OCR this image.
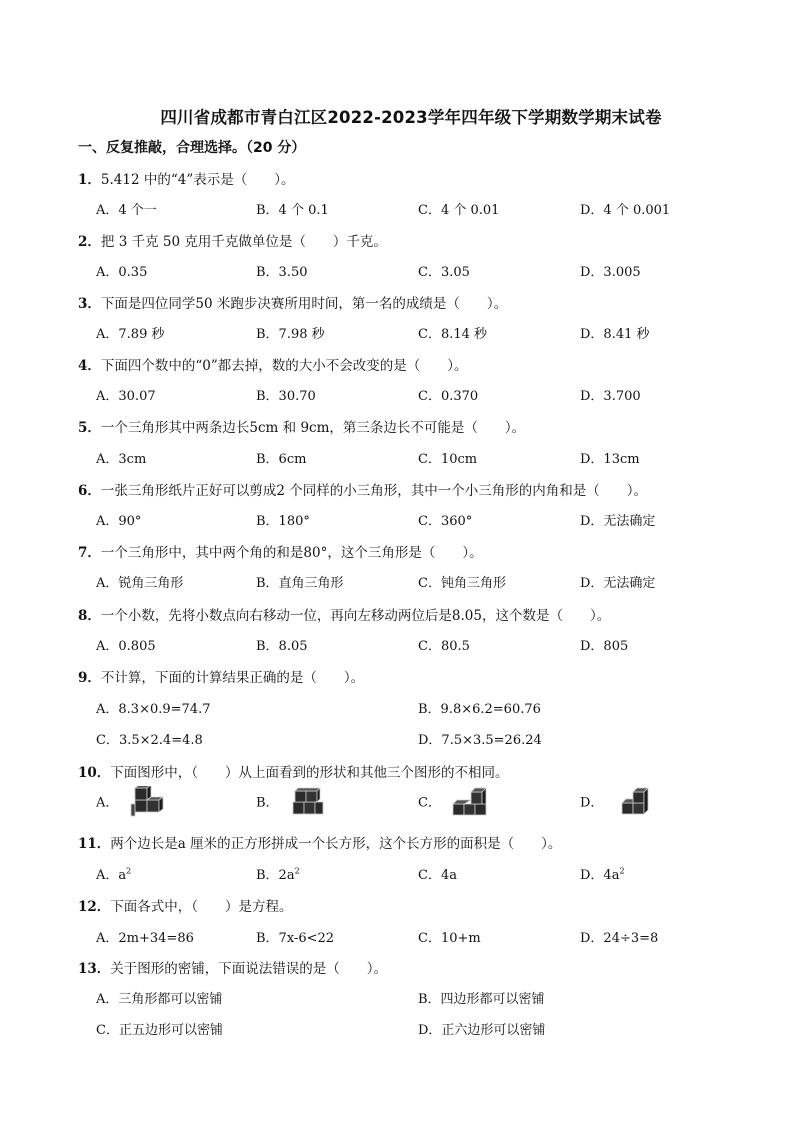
四川省成都市青白江区2022-2023学年四年级下学期数学期末试卷
一、反复推敲，合理选择。（20 分）
1．5.412 中的“4”表示是（　　）。
A．4 个一	B．4 个 0.1	C．4 个 0.01	D．4 个 0.001
2．把 3 千克 50 克用千克做单位是（　　）千克。
A．0.35	B．3.50	C．3.05	D．3.005
3．下面是四位同学50 米跑步决赛所用时间，第一名的成绩是（　　）。
A．7.89 秒	B．7.98 秒	C．8.14 秒	D．8.41 秒
4．下面四个数中的“0”都去掉，数的大小不会改变的是（　　）。
A．30.07	B．30.70	C．0.370	D．3.700
5．一个三角形其中两条边长5cm 和 9cm，第三条边长不可能是（　　）。
A．3cm	B．6cm	C．10cm	D．13cm
6．一张三角形纸片正好可以剪成2 个同样的小三角形，其中一个小三角形的内角和是（　　）。
A．90°	B．180°	C．360°	D．无法确定
7．一个三角形中，其中两个角的和是80°，这个三角形是（　　）。
A．锐角三角形	B．直角三角形	C．钝角三角形	D．无法确定
8．一个小数，先将小数点向右移动一位，再向左移动两位后是8.05，这个数是（　　）。
A．0.805	B．8.05	C．80.5	D．805
9．不计算，下面的计算结果正确的是（　　）。
A．8.3×0.9=74.7	B．9.8×6.2=60.76
C．3.5×2.4=4.8	D．7.5×3.5=26.24
10．下面图形中，（　　）从上面看到的形状和其他三个图形的不相同。
A．	B．	C．	D．
11．两个边长是a 厘米的正方形拼成一个长方形，这个长方形的面积是（　　）。
A．$a^2$	B．$2a^2$	C．4a	D．$4a^2$
12．下面各式中，（　　）是方程。
A．2m+34=86	B．7x-6<22	C．10+m	D．24÷3=8
13．关于图形的密铺，下面说法错误的是（　　）。
A．三角形都可以密铺	B．四边形都可以密铺
C．正五边形可以密铺	D．正六边形可以密铺
